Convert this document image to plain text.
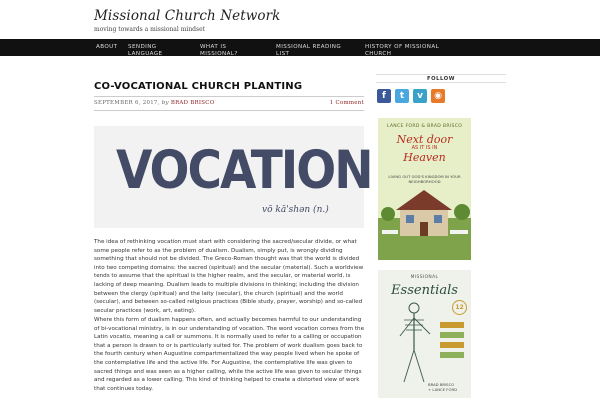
Missional Church Network
moving towards a missional mindset
CO-VOCATIONAL CHURCH PLANTING
SEPTEMBER 6, 2017, by BRAD BRISCO	1 Comment
VOCATION
vō kā'shən (n.)

The idea of rethinking vocation must start with considering the sacred/secular divide, or what some people refer to as the problem of dualism. Dualism, simply put, is wrongly dividing something that should not be divided. The Greco-Roman thought was that the world is divided into two competing domains: the sacred (spiritual) and the secular (material). Such a worldview tends to assume that the spiritual is the higher realm, and the secular, or material world, is lacking of deep meaning. Dualism leads to multiple divisions in thinking; including the division between the clergy (spiritual) and the laity (secular), the church (spiritual) and the world (secular), and between so-called religious practices (Bible study, prayer, worship) and so-called secular practices (work, art, eating).

Where this form of dualism happens often, and actually becomes harmful to our understanding of bi-vocational ministry, is in our understanding of vocation. The word vocation comes from the Latin vocatio, meaning a call or summons. It is normally used to refer to a calling or occupation that a person is drawn to or is particularly suited for. The problem of work dualism goes back to the fourth century when Augustine compartmentalized the way people lived when he spoke of the contemplative life and the active life. For Augustine, the contemplative life was given to sacred things and was seen as a higher calling, while the active life was given to secular things and regarded as a lower calling. This kind of thinking helped to create a distorted view of work that continues today.

FOLLOW
f	t	v	◉
LANCE FORD & BRAD BRISCO
Next door
AS IT IS IN
Heaven
LIVING OUT GOD'S KINGDOM IN YOUR NEIGHBORHOOD
MISSIONAL
Essentials
12
BRAD BRISCO
+ LANCE FORD
ABOUT SENDING LANGUAGE
WHAT IS MISSIONAL?
MISSIONAL READING LIST
HISTORY OF MISSIONAL CHURCH
